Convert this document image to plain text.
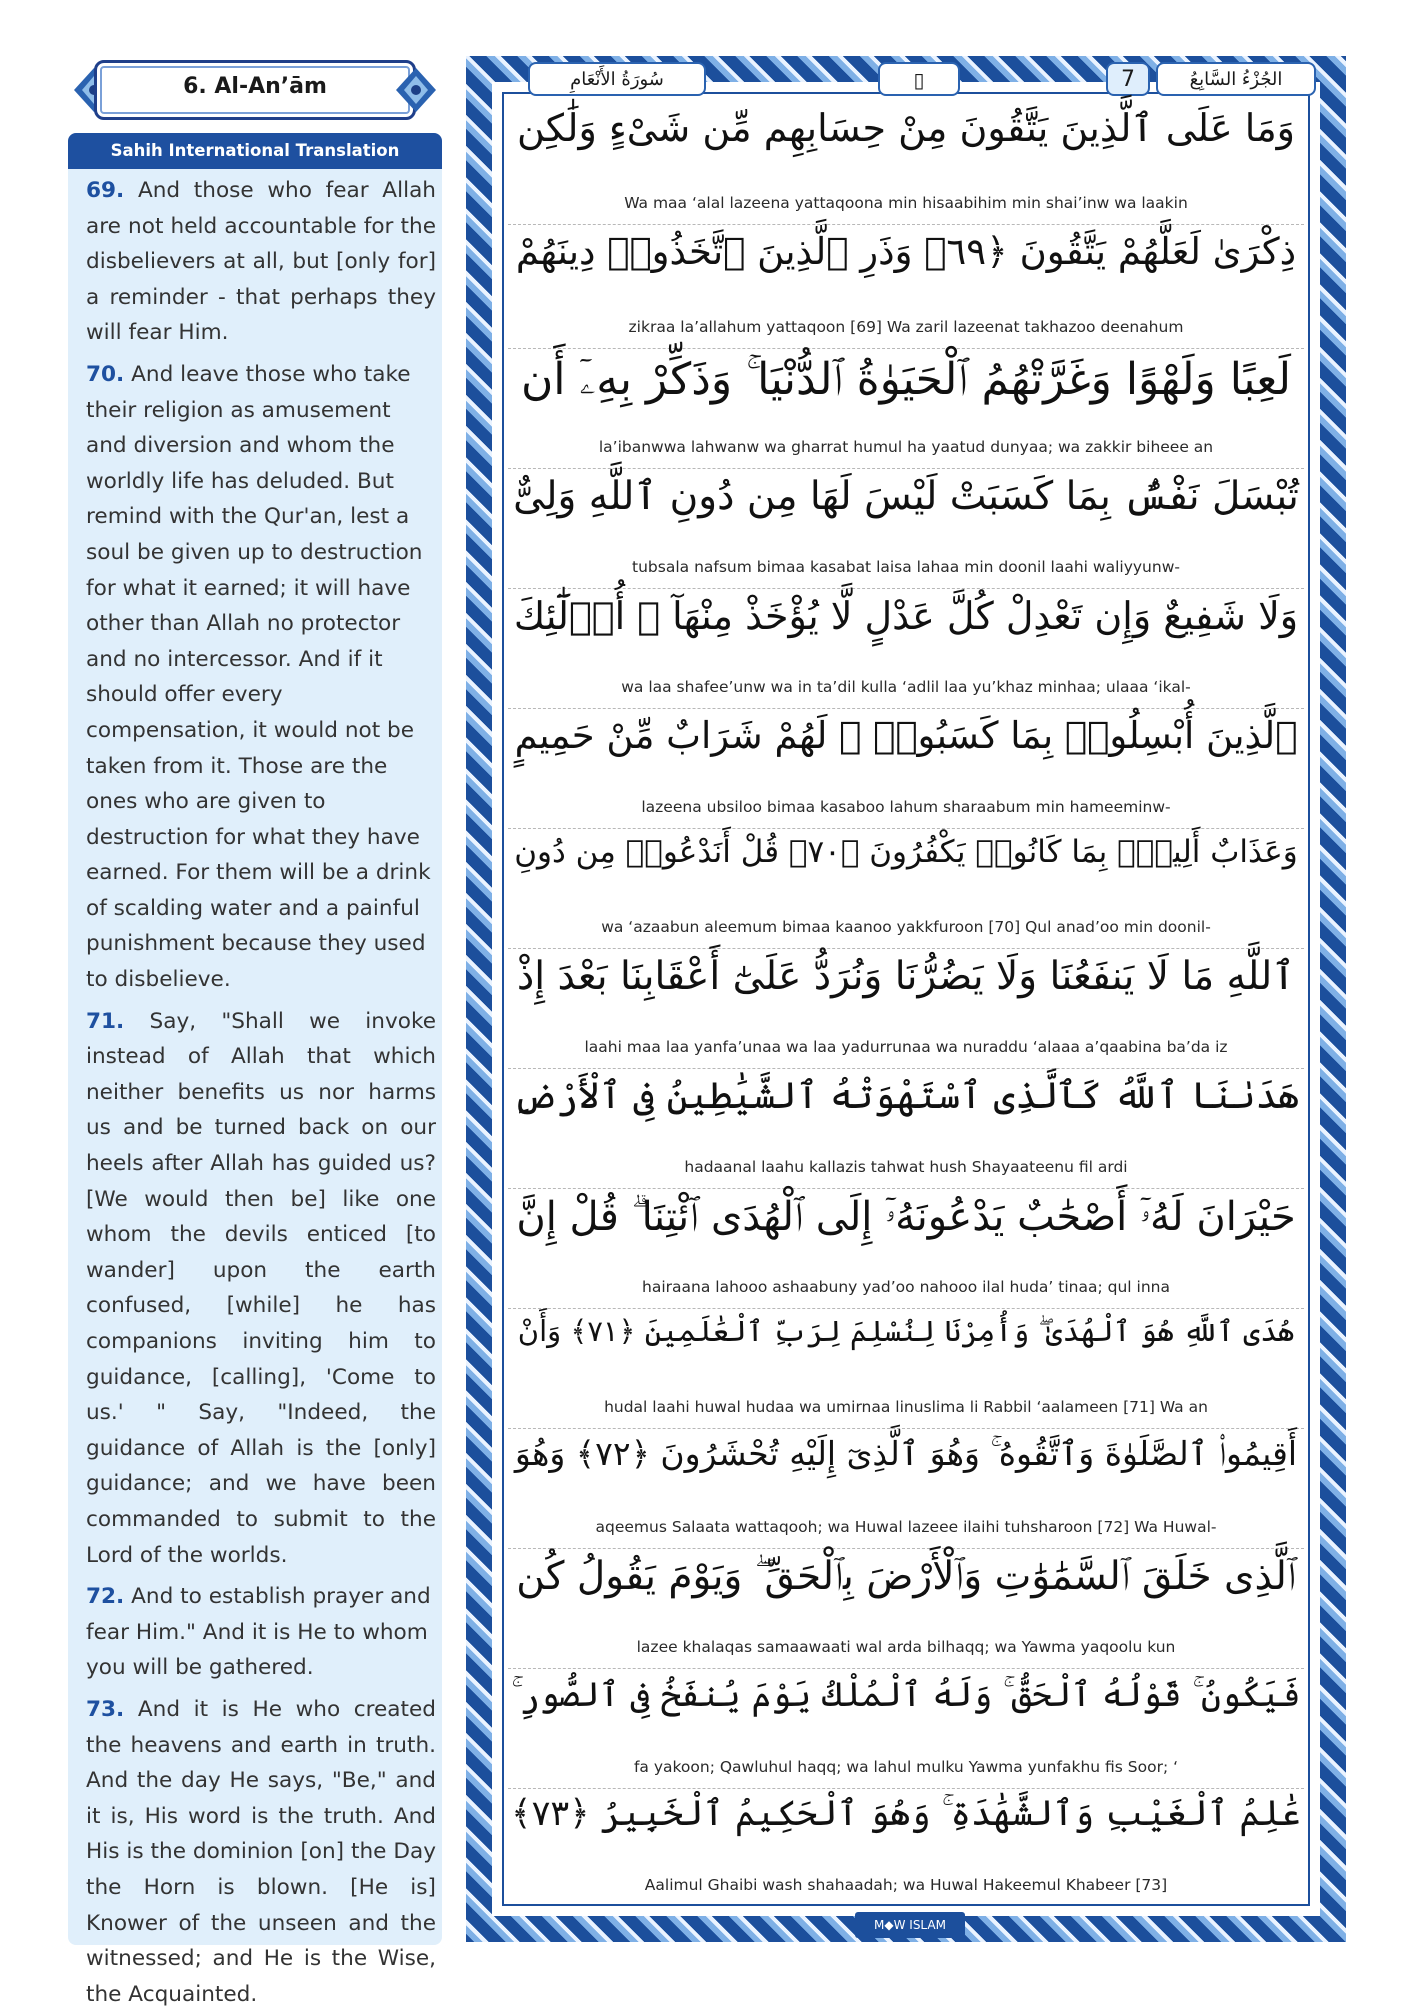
6. Al-An’ām
Sahih International Translation

69. And those who fear Allah are not held accountable for the disbelievers at all, but [only for] a reminder - that perhaps they will fear Him.

70. And leave those who take their religion as amusement and diversion and whom the worldly life has deluded. But remind with the Qur'an, lest a soul be given up to destruction for what it earned; it will have other than Allah no protector and no intercessor. And if it should offer every compensation, it would not be taken from it. Those are the ones who are given to destruction for what they have earned. For them will be a drink of scalding water and a painful punishment because they used to disbelieve.

71. Say, "Shall we invoke instead of Allah that which neither benefits us nor harms us and be turned back on our heels after Allah has guided us? [We would then be] like one whom the devils enticed [to wander] upon the earth confused, [while] he has companions inviting him to guidance, [calling], 'Come to us.' " Say, "Indeed, the guidance of Allah is the [only] guidance; and we have been commanded to submit to the Lord of the worlds.

72. And to establish prayer and fear Him." And it is He to whom you will be gathered.

73. And it is He who created the heavens and earth in truth. And the day He says, "Be," and it is, His word is the truth. And His is the dominion [on] the Day the Horn is blown. [He is] Knower of the unseen and the witnessed; and He is the Wise, the Acquainted.

سُورَةُ الأَنْعَامِ	▯	7	الجُزْءُ السَّابِعُ
وَمَا عَلَى ٱلَّذِينَ يَتَّقُونَ مِنْ حِسَابِهِم مِّن شَىْءٍ وَلَٰكِن
Wa maa ‘alal lazeena yattaqoona min hisaabihim min shai’inw wa laakin
ذِكْرَىٰ لَعَلَّهُمْ يَتَّقُونَ ﴿٦٩﴾ وَذَرِ ٱلَّذِينَ ٱتَّخَذُوا۟ دِينَهُمْ
zikraa la’allahum yattaqoon [69] Wa zaril lazeenat takhazoo deenahum
لَعِبًا وَلَهْوًا وَغَرَّتْهُمُ ٱلْحَيَوٰةُ ٱلدُّنْيَا ۚ وَذَكِّرْ بِهِۦٓ أَن
la’ibanwwa lahwanw wa gharrat humul ha yaatud dunyaa; wa zakkir biheee an
تُبْسَلَ نَفْسٌۢ بِمَا كَسَبَتْ لَيْسَ لَهَا مِن دُونِ ٱللَّهِ وَلِىٌّ
tubsala nafsum bimaa kasabat laisa lahaa min doonil laahi waliyyunw-
وَلَا شَفِيعٌ وَإِن تَعْدِلْ كُلَّ عَدْلٍ لَّا يُؤْخَذْ مِنْهَآ ۗ أُو۟لَٰٓئِكَ
wa laa shafee’unw wa in ta’dil kulla ‘adlil laa yu’khaz minhaa; ulaaa ‘ikal-
ٱلَّذِينَ أُبْسِلُوا۟ بِمَا كَسَبُوا۟ ۖ لَهُمْ شَرَابٌ مِّنْ حَمِيمٍ
lazeena ubsiloo bimaa kasaboo lahum sharaabum min hameeminw-
وَعَذَابٌ أَلِيمٌۢ بِمَا كَانُوا۟ يَكْفُرُونَ ﴿٧٠﴾ قُلْ أَنَدْعُوا۟ مِن دُونِ
wa ‘azaabun aleemum bimaa kaanoo yakkfuroon [70] Qul anad’oo min doonil-
ٱللَّهِ مَا لَا يَنفَعُنَا وَلَا يَضُرُّنَا وَنُرَدُّ عَلَىٰٓ أَعْقَابِنَا بَعْدَ إِذْ
laahi maa laa yanfa’unaa wa laa yadurrunaa wa nuraddu ‘alaaa a’qaabina ba’da iz
هَدَىٰنَا ٱللَّهُ كَٱلَّذِى ٱسْتَهْوَتْهُ ٱلشَّيَٰطِينُ فِى ٱلْأَرْضِ
hadaanal laahu kallazis tahwat hush Shayaateenu fil ardi
حَيْرَانَ لَهُۥٓ أَصْحَٰبٌ يَدْعُونَهُۥٓ إِلَى ٱلْهُدَى ٱئْتِنَا ۗ قُلْ إِنَّ
hairaana lahooo ashaabuny yad’oo nahooo ilal huda’ tinaa; qul inna
هُدَى ٱللَّهِ هُوَ ٱلْهُدَىٰ ۖ وَأُمِرْنَا لِنُسْلِمَ لِرَبِّ ٱلْعَٰلَمِينَ ﴿٧١﴾ وَأَنْ
hudal laahi huwal hudaa wa umirnaa linuslima li Rabbil ‘aalameen [71] Wa an
أَقِيمُوا۟ ٱلصَّلَوٰةَ وَٱتَّقُوهُ ۚ وَهُوَ ٱلَّذِىٓ إِلَيْهِ تُحْشَرُونَ ﴿٧٢﴾ وَهُوَ
aqeemus Salaata wattaqooh; wa Huwal lazeee ilaihi tuhsharoon [72] Wa Huwal-
ٱلَّذِى خَلَقَ ٱلسَّمَٰوَٰتِ وَٱلْأَرْضَ بِٱلْحَقِّ ۖ وَيَوْمَ يَقُولُ كُن
lazee khalaqas samaawaati wal arda bilhaqq; wa Yawma yaqoolu kun
فَيَكُونُ ۚ قَوْلُهُ ٱلْحَقُّ ۚ وَلَهُ ٱلْمُلْكُ يَوْمَ يُنفَخُ فِى ٱلصُّورِ ۚ
fa yakoon; Qawluhul haqq; wa lahul mulku Yawma yunfakhu fis Soor; ‘
عَٰلِمُ ٱلْغَيْبِ وَٱلشَّهَٰدَةِ ۚ وَهُوَ ٱلْحَكِيمُ ٱلْخَبِيرُ ﴿٧٣﴾
Aalimul Ghaibi wash shahaadah; wa Huwal Hakeemul Khabeer [73]
M◆W ISLAM
